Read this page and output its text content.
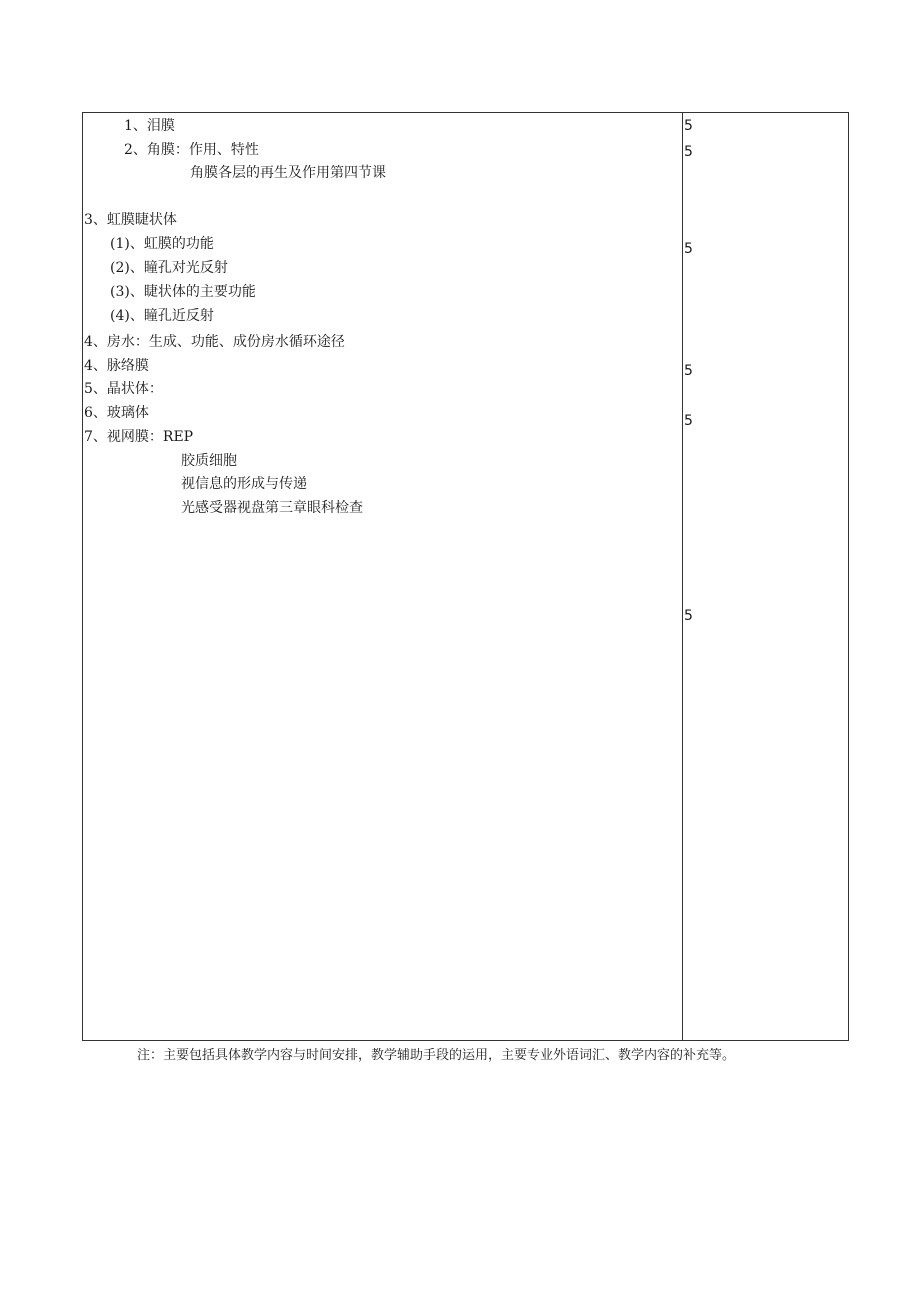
1、泪膜
2、角膜：作用、特性
角膜各层的再生及作用第四节课
3、虹膜睫状体
(1)、虹膜的功能
(2)、瞳孔对光反射
(3)、睫状体的主要功能
(4)、瞳孔近反射
4、房水：生成、功能、成份房水循环途径
4、脉络膜
5、晶状体：
6、玻璃体
7、视网膜：REP
胶质细胞
视信息的形成与传递
光感受器视盘第三章眼科检查
5
5
5
5
5
5
注：主要包括具体教学内容与时间安排，教学辅助手段的运用，主要专业外语词汇、教学内容的补充等。
